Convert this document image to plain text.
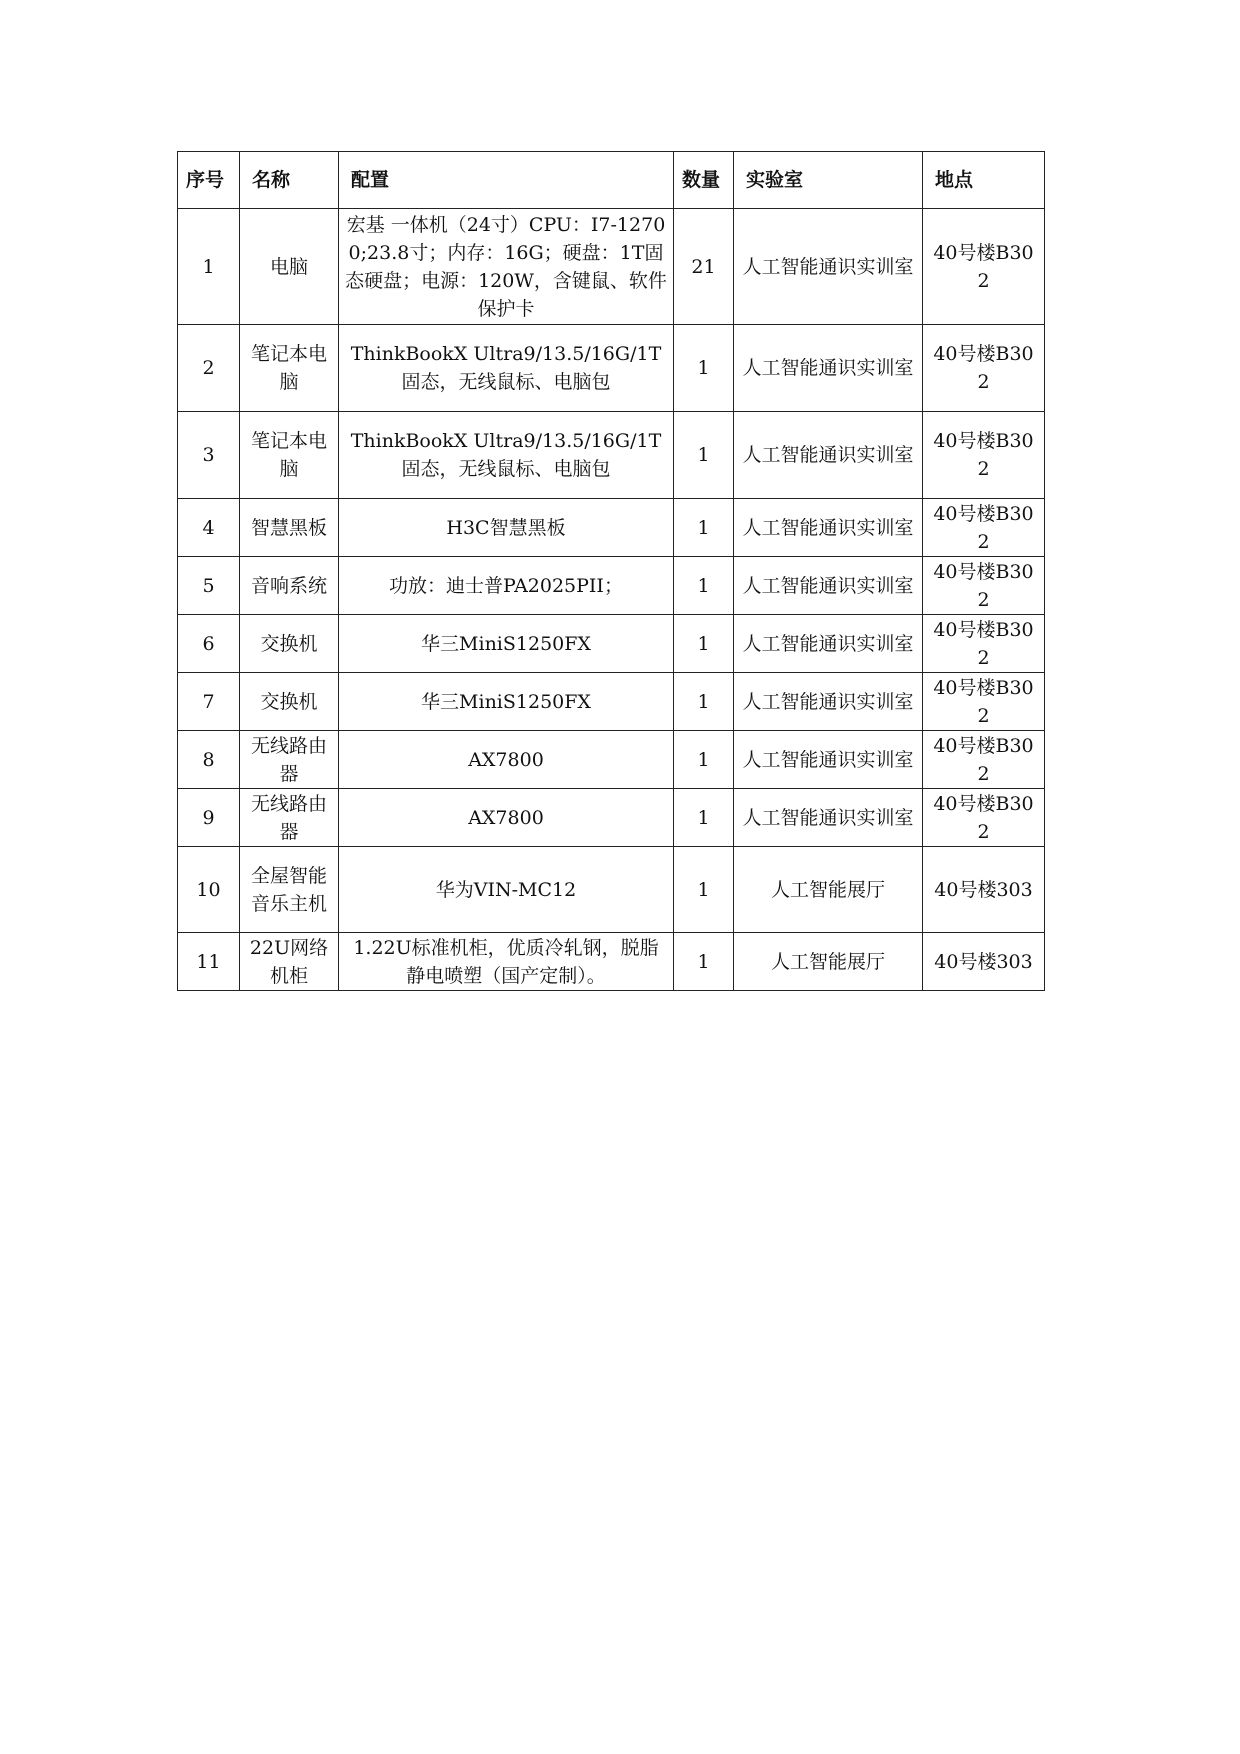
序号	名称	配置	数量	实验室	地点
1	电脑	宏基 一体机（24寸）CPU：I7-12700;23.8寸；内存：16G；硬盘：1T固态硬盘；电源：120W，含键鼠、软件保护卡	21	人工智能通识实训室	40号楼B302
2	笔记本电脑	ThinkBookX Ultra9/13.5/16G/1T固态，无线鼠标、电脑包	1	人工智能通识实训室	40号楼B302
3	笔记本电脑	ThinkBookX Ultra9/13.5/16G/1T固态，无线鼠标、电脑包	1	人工智能通识实训室	40号楼B302
4	智慧黑板	H3C智慧黑板	1	人工智能通识实训室	40号楼B302
5	音响系统	功放：迪士普PA2025PII；	1	人工智能通识实训室	40号楼B302
6	交换机	华三MiniS1250FX	1	人工智能通识实训室	40号楼B302
7	交换机	华三MiniS1250FX	1	人工智能通识实训室	40号楼B302
8	无线路由器	AX7800	1	人工智能通识实训室	40号楼B302
9	无线路由器	AX7800	1	人工智能通识实训室	40号楼B302
10	全屋智能音乐主机	华为VIN-MC12	1	人工智能展厅	40号楼303
11	22U网络机柜	1.22U标准机柜，优质冷轧钢，脱脂静电喷塑（国产定制）。	1	人工智能展厅	40号楼303
